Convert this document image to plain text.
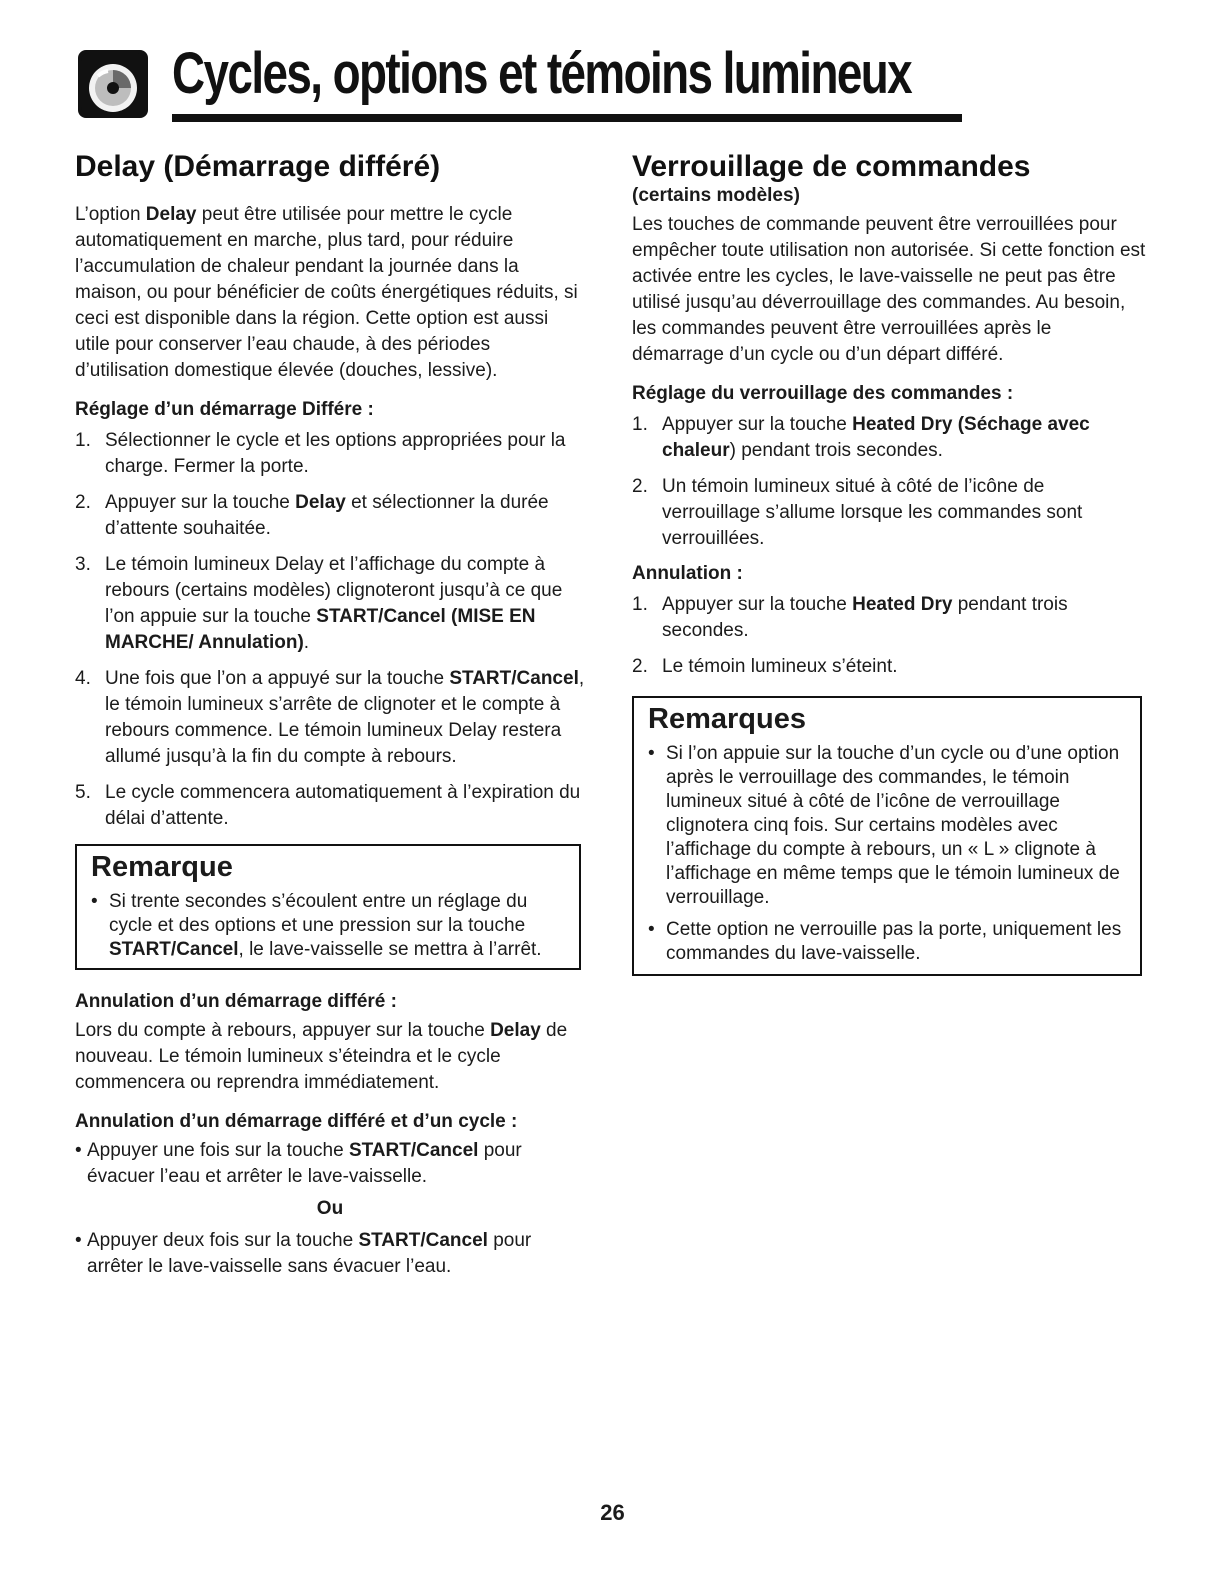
Cycles, options et témoins lumineux
Delay (Démarrage différé)

L’option Delay peut être utilisée pour mettre le cycle automatiquement en marche, plus tard, pour réduire l’accumulation de chaleur pendant la journée dans la maison, ou pour bénéficier de coûts énergétiques réduits, si ceci est disponible dans la région. Cette option est aussi utile pour conserver l’eau chaude, à des périodes d’utilisation domestique élevée (douches, lessive).

Réglage d’un démarrage Différe :
1. Sélectionner le cycle et les options appropriées pour la charge. Fermer la porte.
2. Appuyer sur la touche Delay et sélectionner la durée d’attente souhaitée.
3. Le témoin lumineux Delay et l’affichage du compte à rebours (certains modèles) clignoteront jusqu’à ce que l’on appuie sur la touche START/Cancel (MISE EN MARCHE/ Annulation).
4. Une fois que l’on a appuyé sur la touche START/Cancel, le témoin lumineux s’arrête de clignoter et le compte à rebours commence. Le témoin lumineux Delay restera allumé jusqu’à la fin du compte à rebours.
5. Le cycle commencera automatiquement à l’expiration du délai d’attente.
Remarque
• Si trente secondes s’écoulent entre un réglage du cycle et des options et une pression sur la touche START/Cancel, le lave-vaisselle se mettra à l’arrêt.
Annulation d’un démarrage différé :

Lors du compte à rebours, appuyer sur la touche Delay de nouveau. Le témoin lumineux s’éteindra et le cycle commencera ou reprendra immédiatement.

Annulation d’un démarrage différé et d’un cycle :
• Appuyer une fois sur la touche START/Cancel pour évacuer l’eau et arrêter le lave-vaisselle.
Ou
• Appuyer deux fois sur la touche START/Cancel pour arrêter le lave-vaisselle sans évacuer l’eau.
Verrouillage de commandes
(certains modèles)

Les touches de commande peuvent être verrouillées pour empêcher toute utilisation non autorisée. Si cette fonction est activée entre les cycles, le lave-vaisselle ne peut pas être utilisé jusqu’au déverrouillage des commandes. Au besoin, les commandes peuvent être verrouillées après le démarrage d’un cycle ou d’un départ différé.

Réglage du verrouillage des commandes :
1. Appuyer sur la touche Heated Dry (Séchage avec chaleur) pendant trois secondes.
2. Un témoin lumineux situé à côté de l’icône de verrouillage s’allume lorsque les commandes sont verrouillées.
Annulation :
1. Appuyer sur la touche Heated Dry pendant trois secondes.
2. Le témoin lumineux s’éteint.
Remarques
• Si l’on appuie sur la touche d’un cycle ou d’une option après le verrouillage des commandes, le témoin lumineux situé à côté de l’icône de verrouillage clignotera cinq fois. Sur certains modèles avec l’affichage du compte à rebours, un « L » clignote à l’affichage en même temps que le témoin lumineux de verrouillage.
• Cette option ne verrouille pas la porte, uniquement les commandes du lave-vaisselle.
26
